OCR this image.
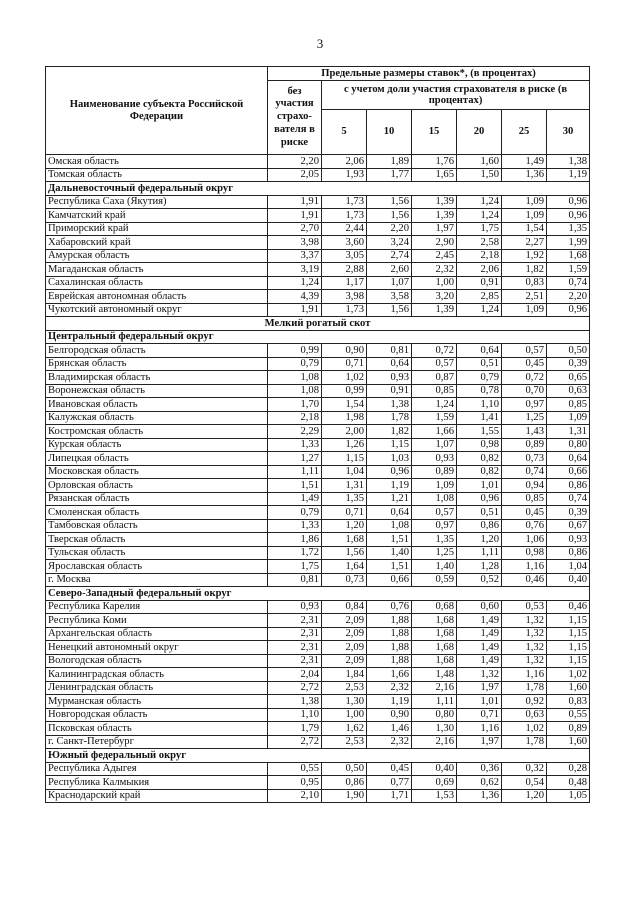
3
Наименование субъекта Российской Федерации	Предельные размеры ставок*, (в процентах)						
	без участия страхо-вателя в риске	с учетом доли участия страхователя в риске (в процентах)					
		5	10	15	20	25	30
Омская область	2,20	2,06	1,89	1,76	1,60	1,49	1,38
Томская область	2,05	1,93	1,77	1,65	1,50	1,36	1,19
Дальневосточный федеральный округ							
Республика Саха (Якутия)	1,91	1,73	1,56	1,39	1,24	1,09	0,96
Камчатский край	1,91	1,73	1,56	1,39	1,24	1,09	0,96
Приморский край	2,70	2,44	2,20	1,97	1,75	1,54	1,35
Хабаровский край	3,98	3,60	3,24	2,90	2,58	2,27	1,99
Амурская область	3,37	3,05	2,74	2,45	2,18	1,92	1,68
Магаданская область	3,19	2,88	2,60	2,32	2,06	1,82	1,59
Сахалинская область	1,24	1,17	1,07	1,00	0,91	0,83	0,74
Еврейская автономная область	4,39	3,98	3,58	3,20	2,85	2,51	2,20
Чукотский автономный округ	1,91	1,73	1,56	1,39	1,24	1,09	0,96
Мелкий рогатый скот							
Центральный федеральный округ							
Белгородская область	0,99	0,90	0,81	0,72	0,64	0,57	0,50
Брянская область	0,79	0,71	0,64	0,57	0,51	0,45	0,39
Владимирская область	1,08	1,02	0,93	0,87	0,79	0,72	0,65
Воронежская область	1,08	0,99	0,91	0,85	0,78	0,70	0,63
Ивановская область	1,70	1,54	1,38	1,24	1,10	0,97	0,85
Калужская область	2,18	1,98	1,78	1,59	1,41	1,25	1,09
Костромская область	2,29	2,00	1,82	1,66	1,55	1,43	1,31
Курская область	1,33	1,26	1,15	1,07	0,98	0,89	0,80
Липецкая область	1,27	1,15	1,03	0,93	0,82	0,73	0,64
Московская область	1,11	1,04	0,96	0,89	0,82	0,74	0,66
Орловская область	1,51	1,31	1,19	1,09	1,01	0,94	0,86
Рязанская область	1,49	1,35	1,21	1,08	0,96	0,85	0,74
Смоленская область	0,79	0,71	0,64	0,57	0,51	0,45	0,39
Тамбовская область	1,33	1,20	1,08	0,97	0,86	0,76	0,67
Тверская область	1,86	1,68	1,51	1,35	1,20	1,06	0,93
Тульская область	1,72	1,56	1,40	1,25	1,11	0,98	0,86
Ярославская область	1,75	1,64	1,51	1,40	1,28	1,16	1,04
г. Москва	0,81	0,73	0,66	0,59	0,52	0,46	0,40
Северо-Западный федеральный округ							
Республика Карелия	0,93	0,84	0,76	0,68	0,60	0,53	0,46
Республика Коми	2,31	2,09	1,88	1,68	1,49	1,32	1,15
Архангельская область	2,31	2,09	1,88	1,68	1,49	1,32	1,15
Ненецкий автономный округ	2,31	2,09	1,88	1,68	1,49	1,32	1,15
Вологодская область	2,31	2,09	1,88	1,68	1,49	1,32	1,15
Калининградская область	2,04	1,84	1,66	1,48	1,32	1,16	1,02
Ленинградская область	2,72	2,53	2,32	2,16	1,97	1,78	1,60
Мурманская область	1,38	1,30	1,19	1,11	1,01	0,92	0,83
Новгородская область	1,10	1,00	0,90	0,80	0,71	0,63	0,55
Псковская область	1,79	1,62	1,46	1,30	1,16	1,02	0,89
г. Санкт-Петербург	2,72	2,53	2,32	2,16	1,97	1,78	1,60
Южный федеральный округ							
Республика Адыгея	0,55	0,50	0,45	0,40	0,36	0,32	0,28
Республика Калмыкия	0,95	0,86	0,77	0,69	0,62	0,54	0,48
Краснодарский край	2,10	1,90	1,71	1,53	1,36	1,20	1,05
